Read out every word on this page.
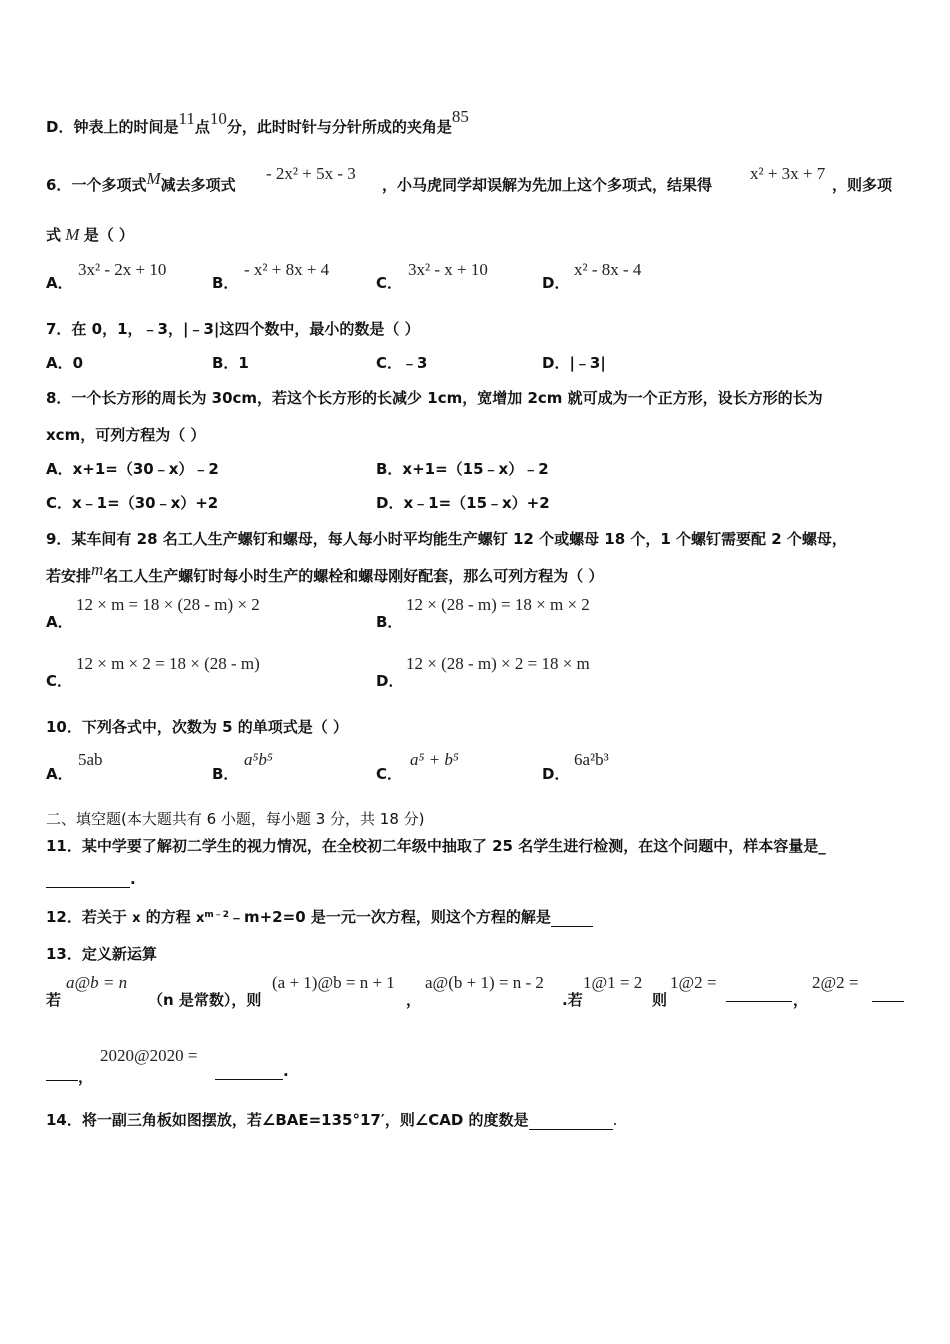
D．钟表上的时间是11点10分，此时时针与分针所成的夹角是85
6．一个多项式M减去多项式
- 2x² + 5x - 3
，小马虎同学却误解为先加上这个多项式，结果得
x² + 3x + 7
，则多项
式 M 是（ ）
A．
3x² - 2x + 10
B．
- x² + 8x + 4
C．
3x² - x + 10
D．
x² - 8x - 4
7．在 0，1，﹣3，|﹣3|这四个数中，最小的数是（ ）
A．0	B．1	C．﹣3	D．|﹣3|
8．一个长方形的周长为 30cm，若这个长方形的长减少 1cm，宽增加 2cm 就可成为一个正方形，设长方形的长为
xcm，可列方程为（ ）
A．x+1=（30﹣x）﹣2	B．x+1=（15﹣x）﹣2
C．x﹣1=（30﹣x）+2	D．x﹣1=（15﹣x）+2
9．某车间有 28 名工人生产螺钉和螺母，每人每小时平均能生产螺钉 12 个或螺母 18 个，1 个螺钉需要配 2 个螺母，
若安排m名工人生产螺钉时每小时生产的螺栓和螺母刚好配套，那么可列方程为（ ）
A．
12 × m = 18 × (28 - m) × 2
B．
12 × (28 - m) = 18 × m × 2
C．
12 × m × 2 = 18 × (28 - m)
D．
12 × (28 - m) × 2 = 18 × m
10．下列各式中，次数为 5 的单项式是（ ）
A．
5ab
B．
a⁵b⁵
C．
a⁵ + b⁵
D．
6a²b³
二、填空题(本大题共有 6 小题，每小题 3 分，共 18 分)
11．某中学要了解初二学生的视力情况，在全校初二年级中抽取了 25 名学生进行检测，在这个问题中，样本容量是_
.
12．若关于 x 的方程 $x^{m﹣2}﹣m+2=0$ 是一元一次方程，则这个方程的解是
13．定义新运算
若
a@b = n
（n 是常数），则
(a + 1)@b = n + 1
，
a@(b + 1) = n - 2
.若
1@1 = 2
则
1@2 =
，
2@2 =
，
2020@2020 =
.
14．将一副三角板如图摆放，若∠BAE=135°17′，则∠CAD 的度数是	.
